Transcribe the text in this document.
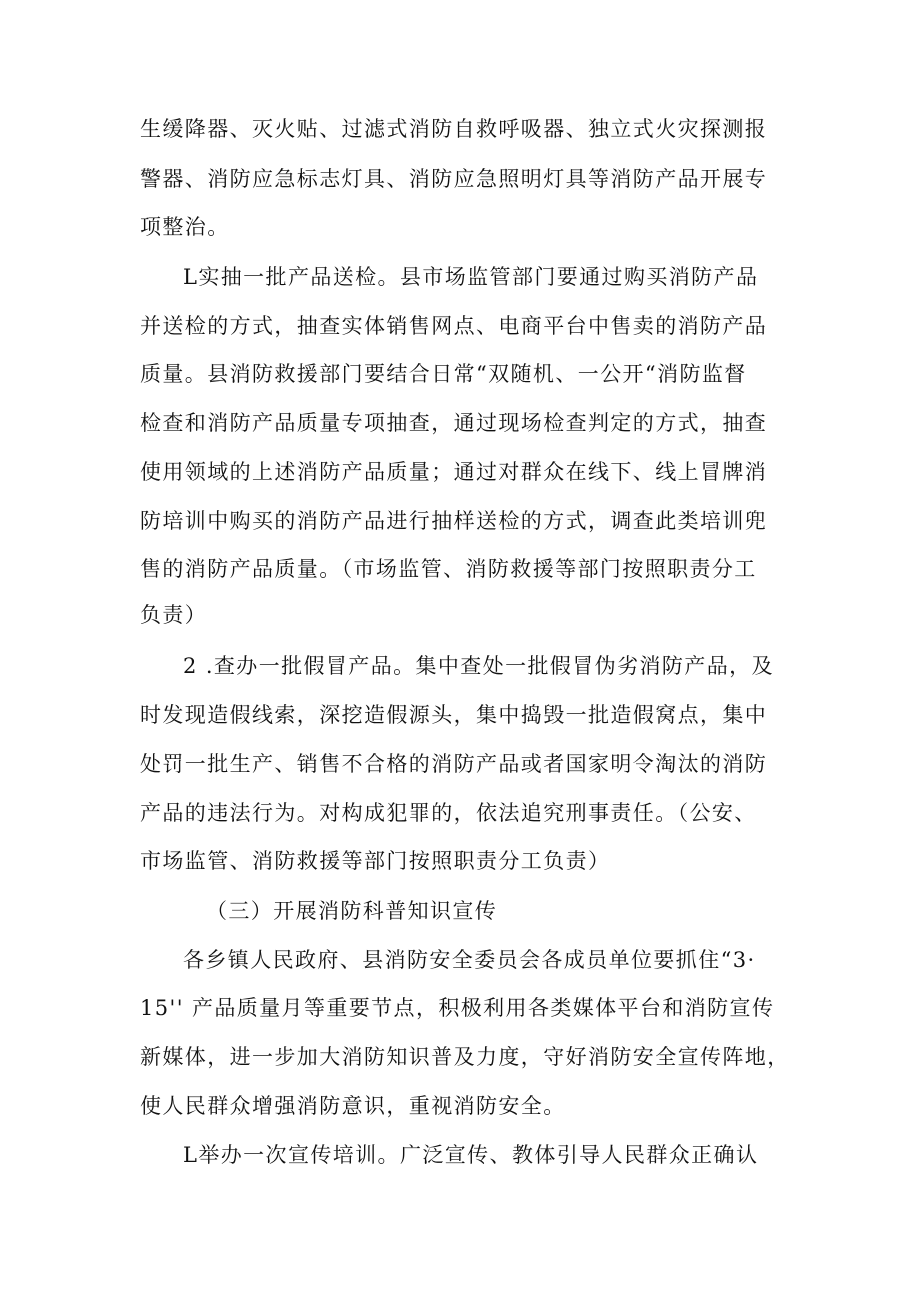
生缓降器、灭火贴、过滤式消防自救呼吸器、独立式火灾探测报
警器、消防应急标志灯具、消防应急照明灯具等消防产品开展专
项整治。
L实抽一批产品送检。县市场监管部门要通过购买消防产品
并送检的方式，抽查实体销售网点、电商平台中售卖的消防产品
质量。县消防救援部门要结合日常“双随机、一公开“消防监督
检查和消防产品质量专项抽查，通过现场检查判定的方式，抽查
使用领域的上述消防产品质量；通过对群众在线下、线上冒牌消
防培训中购买的消防产品进行抽样送检的方式，调查此类培训兜
售的消防产品质量。（市场监管、消防救援等部门按照职责分工
负责）
2 .查办一批假冒产品。集中查处一批假冒伪劣消防产品，及
时发现造假线索，深挖造假源头，集中捣毁一批造假窝点，集中
处罚一批生产、销售不合格的消防产品或者国家明令淘汰的消防
产品的违法行为。对构成犯罪的，依法追究刑事责任。（公安、
市场监管、消防救援等部门按照职责分工负责）
（三）开展消防科普知识宣传
各乡镇人民政府、县消防安全委员会各成员单位要抓住“3·
15'' 产品质量月等重要节点，积极利用各类媒体平台和消防宣传
新媒体，进一步加大消防知识普及力度，守好消防安全宣传阵地，
使人民群众增强消防意识，重视消防安全。
L举办一次宣传培训。广泛宣传、教体引导人民群众正确认
